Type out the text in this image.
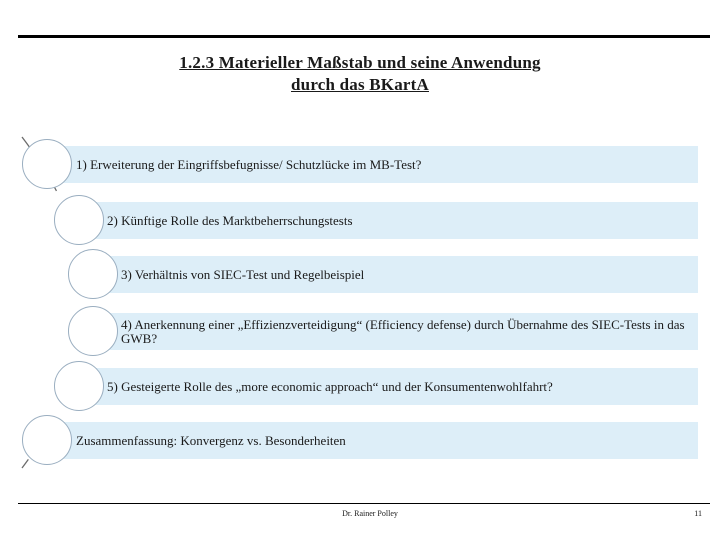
1.2.3 Materieller Maßstab und seine Anwendung
durch das BKartA
1) Erweiterung der Eingriffsbefugnisse/ Schutzlücke im MB-Test?
2) Künftige Rolle des Marktbeherrschungstests
3) Verhältnis von SIEC-Test und Regelbeispiel
4) Anerkennung einer „Effizienzverteidigung“ (Efficiency defense) durch Übernahme des SIEC-Tests in das GWB?
5) Gesteigerte Rolle des „more economic approach“ und der Konsumentenwohlfahrt?
Zusammenfassung: Konvergenz vs. Besonderheiten
Dr. Rainer Polley	11
